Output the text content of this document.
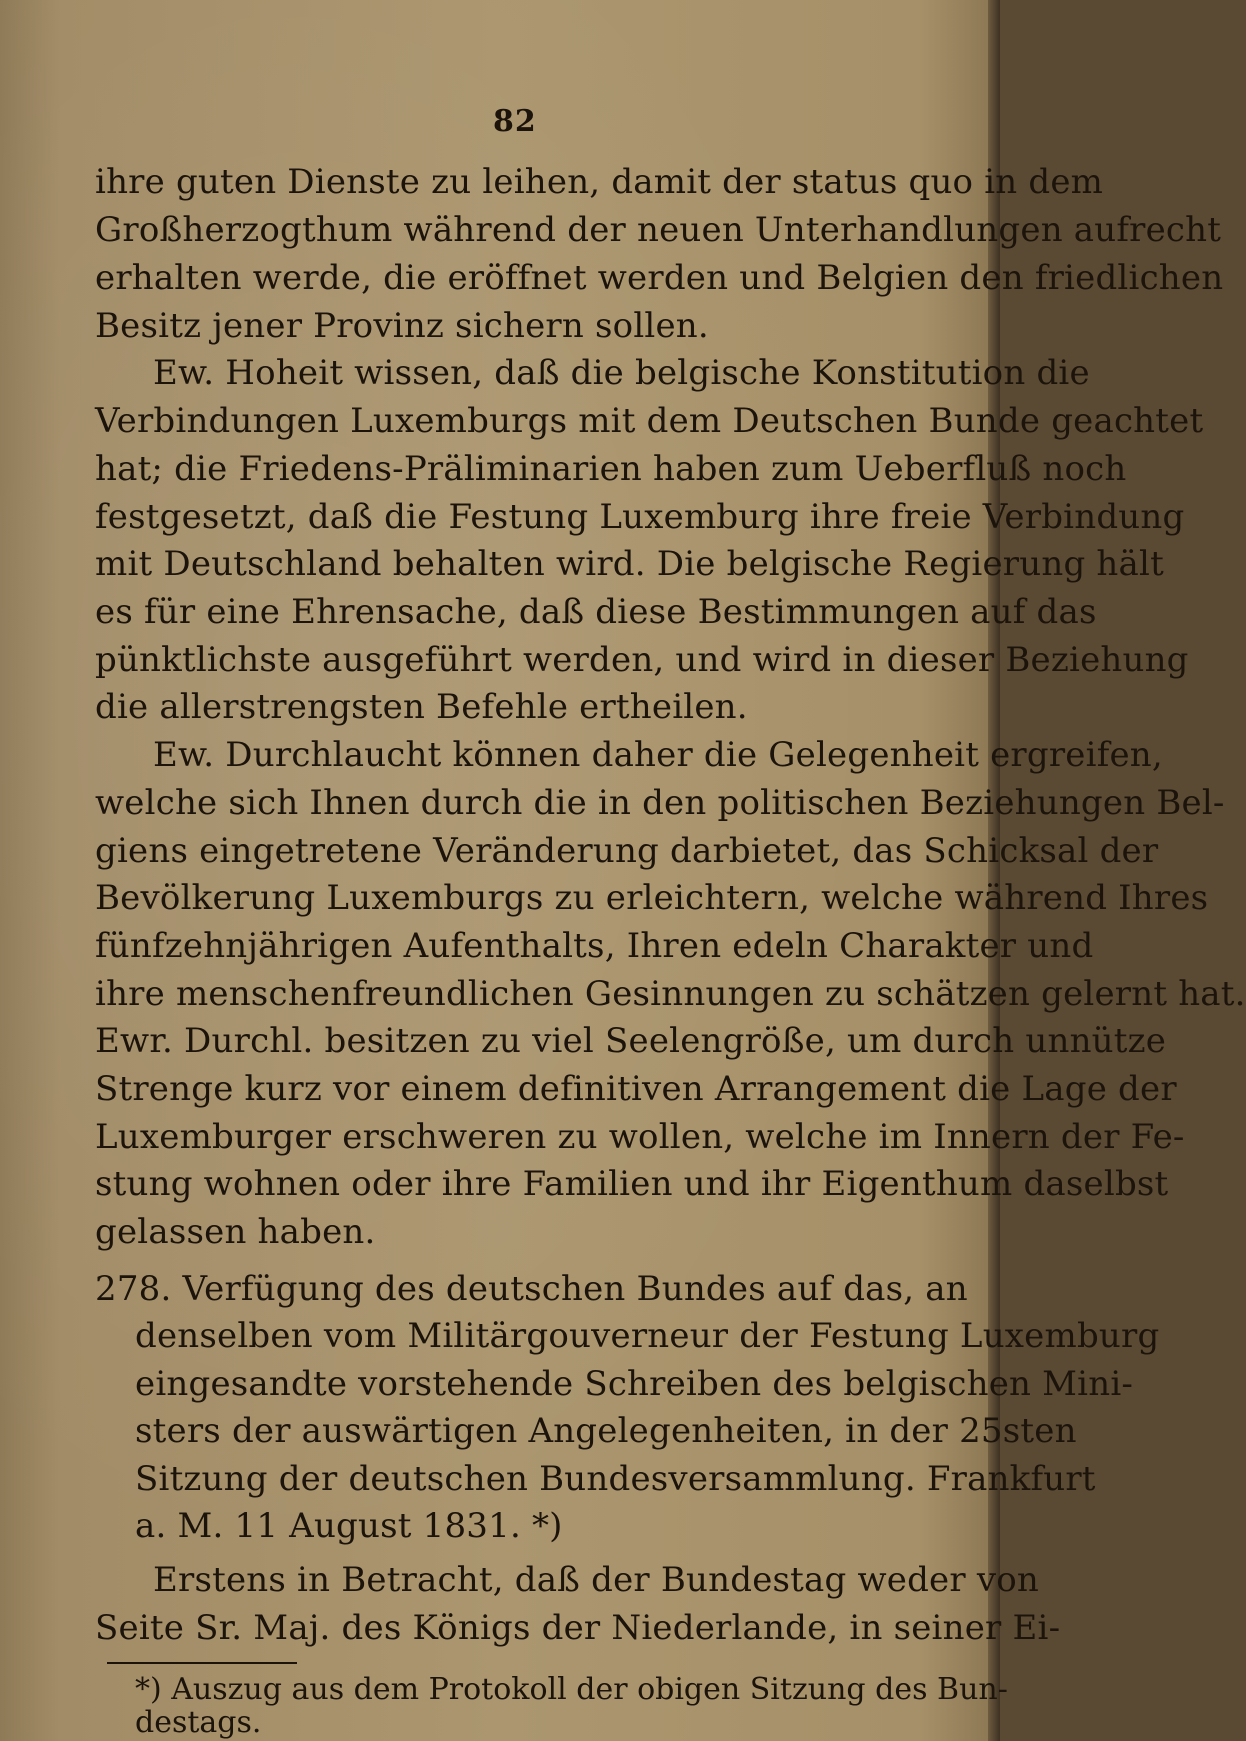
82
ihre guten Dienste zu leihen, damit der status quo in dem
Großherzogthum während der neuen Unterhandlungen aufrecht
erhalten werde, die eröffnet werden und Belgien den friedlichen
Besitz jener Provinz sichern sollen.
Ew. Hoheit wissen, daß die belgische Konstitution die
Verbindungen Luxemburgs mit dem Deutschen Bunde geachtet
hat; die Friedens-Präliminarien haben zum Ueberfluß noch
festgesetzt, daß die Festung Luxemburg ihre freie Verbindung
mit Deutschland behalten wird. Die belgische Regierung hält
es für eine Ehrensache, daß diese Bestimmungen auf das
pünktlichste ausgeführt werden, und wird in dieser Beziehung
die allerstrengsten Befehle ertheilen.
Ew. Durchlaucht können daher die Gelegenheit ergreifen,
welche sich Ihnen durch die in den politischen Beziehungen Bel-
giens eingetretene Veränderung darbietet, das Schicksal der
Bevölkerung Luxemburgs zu erleichtern, welche während Ihres
fünfzehnjährigen Aufenthalts, Ihren edeln Charakter und
ihre menschenfreundlichen Gesinnungen zu schätzen gelernt hat.
Ewr. Durchl. besitzen zu viel Seelengröße, um durch unnütze
Strenge kurz vor einem definitiven Arrangement die Lage der
Luxemburger erschweren zu wollen, welche im Innern der Fe-
stung wohnen oder ihre Familien und ihr Eigenthum daselbst
gelassen haben.
278. Verfügung des deutschen Bundes auf das, an
denselben vom Militärgouverneur der Festung Luxemburg
eingesandte vorstehende Schreiben des belgischen Mini-
sters der auswärtigen Angelegenheiten, in der 25sten
Sitzung der deutschen Bundesversammlung. Frankfurt
a. M. 11 August 1831. *)
Erstens in Betracht, daß der Bundestag weder von
Seite Sr. Maj. des Königs der Niederlande, in seiner Ei-
*) Auszug aus dem Protokoll der obigen Sitzung des Bun-
destags.
